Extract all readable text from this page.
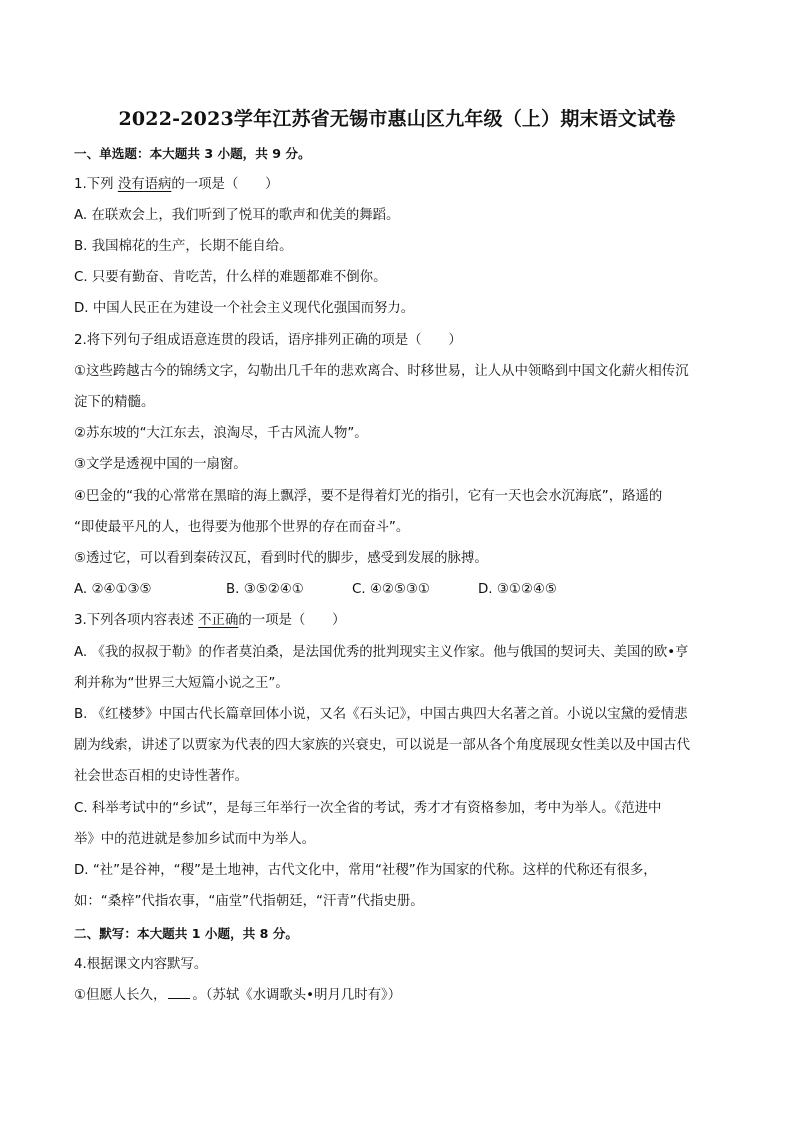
2022-2023学年江苏省无锡市惠山区九年级（上）期末语文试卷
一、单选题：本大题共 3 小题，共 9 分。
1.下列 没有语病的一项是（　　）
A. 在联欢会上，我们听到了悦耳的歌声和优美的舞蹈。
B. 我国棉花的生产，长期不能自给。
C. 只要有勤奋、肯吃苦，什么样的难题都难不倒你。
D. 中国人民正在为建设一个社会主义现代化强国而努力。
2.将下列句子组成语意连贯的段话，语序排列正确的项是（　　）
①这些跨越古今的锦绣文字，勾勒出几千年的悲欢离合、时移世易，让人从中领略到中国文化薪火相传沉
淀下的精髓。
②苏东坡的“大江东去，浪淘尽，千古风流人物”。
③文学是透视中国的一扇窗。
④巴金的“我的心常常在黑暗的海上飘浮，要不是得着灯光的指引，它有一天也会水沉海底”，路遥的
“即使最平凡的人，也得要为他那个世界的存在而奋斗”。
⑤透过它，可以看到秦砖汉瓦，看到时代的脚步，感受到发展的脉搏。
A. ②④①③⑤	B. ③⑤②④①	C. ④②⑤③①	D. ③①②④⑤
3.下列各项内容表述 不正确的一项是（　　）
A. 《我的叔叔于勒》的作者莫泊桑，是法国优秀的批判现实主义作家。他与俄国的契诃夫、美国的欧•亨
利并称为“世界三大短篇小说之王”。
B. 《红楼梦》中国古代长篇章回体小说，又名《石头记》，中国古典四大名著之首。小说以宝黛的爱情悲
剧为线索，讲述了以贾家为代表的四大家族的兴衰史，可以说是一部从各个角度展现女性美以及中国古代
社会世态百相的史诗性著作。
C. 科举考试中的“乡试”，是每三年举行一次全省的考试，秀才才有资格参加，考中为举人。《范进中
举》中的范进就是参加乡试而中为举人。
D. “社”是谷神，“稷”是土地神，古代文化中，常用“社稷”作为国家的代称。这样的代称还有很多，
如：“桑梓”代指农事，“庙堂”代指朝廷，“汗青”代指史册。
二、默写：本大题共 1 小题，共 8 分。
4.根据课文内容默写。
①但愿人长久， 。（苏轼《水调歌头•明月几时有》）
